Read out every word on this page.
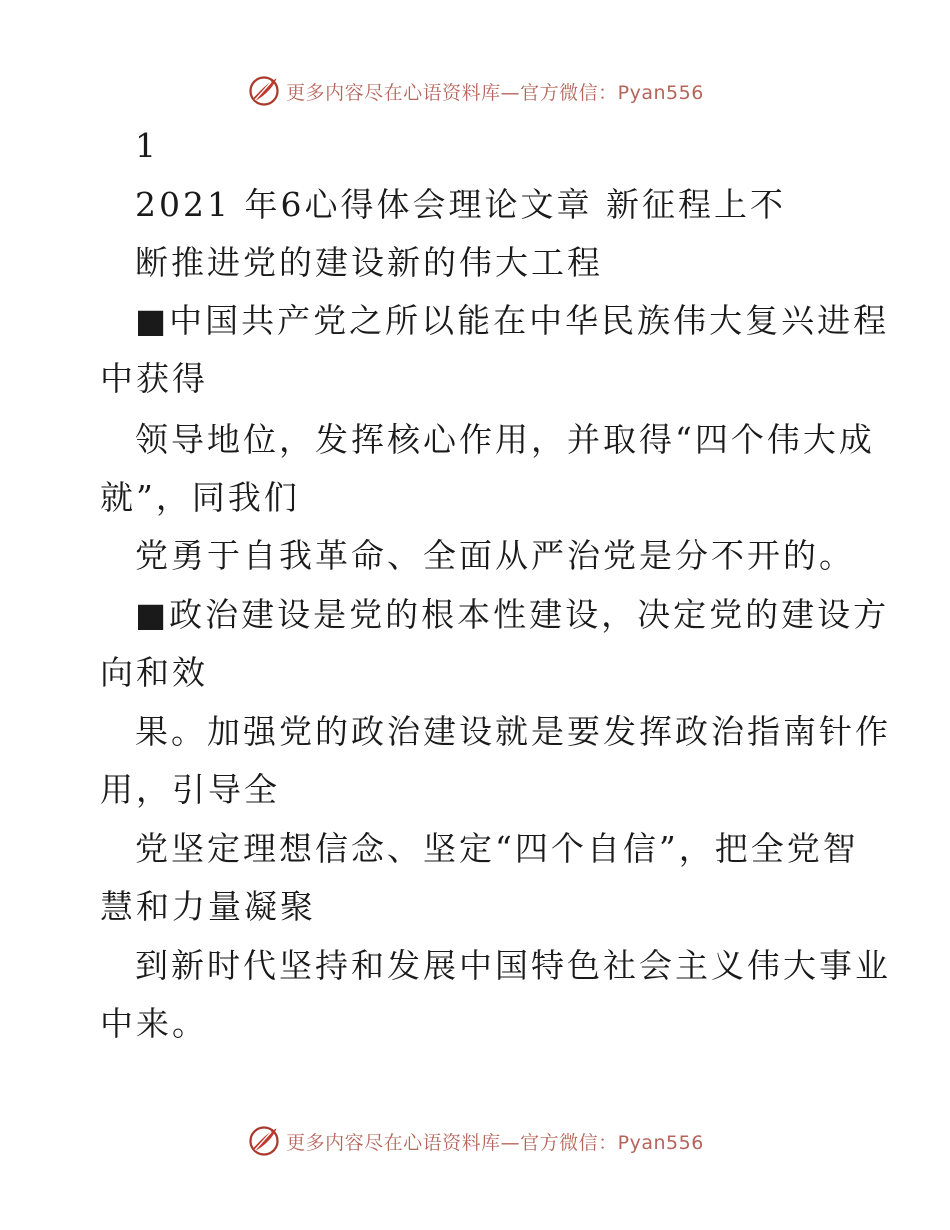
更多内容尽在心语资料库—官方微信：Pyan556
1
2021 年6心得体会理论文章 新征程上不
断推进党的建设新的伟大工程
■中国共产党之所以能在中华民族伟大复兴进程
中获得
领导地位，发挥核心作用，并取得“四个伟大成
就”，同我们
党勇于自我革命、全面从严治党是分不开的。
■政治建设是党的根本性建设，决定党的建设方
向和效
果。加强党的政治建设就是要发挥政治指南针作
用，引导全
党坚定理想信念、坚定“四个自信”，把全党智
慧和力量凝聚
到新时代坚持和发展中国特色社会主义伟大事业
中来。
更多内容尽在心语资料库—官方微信：Pyan556
